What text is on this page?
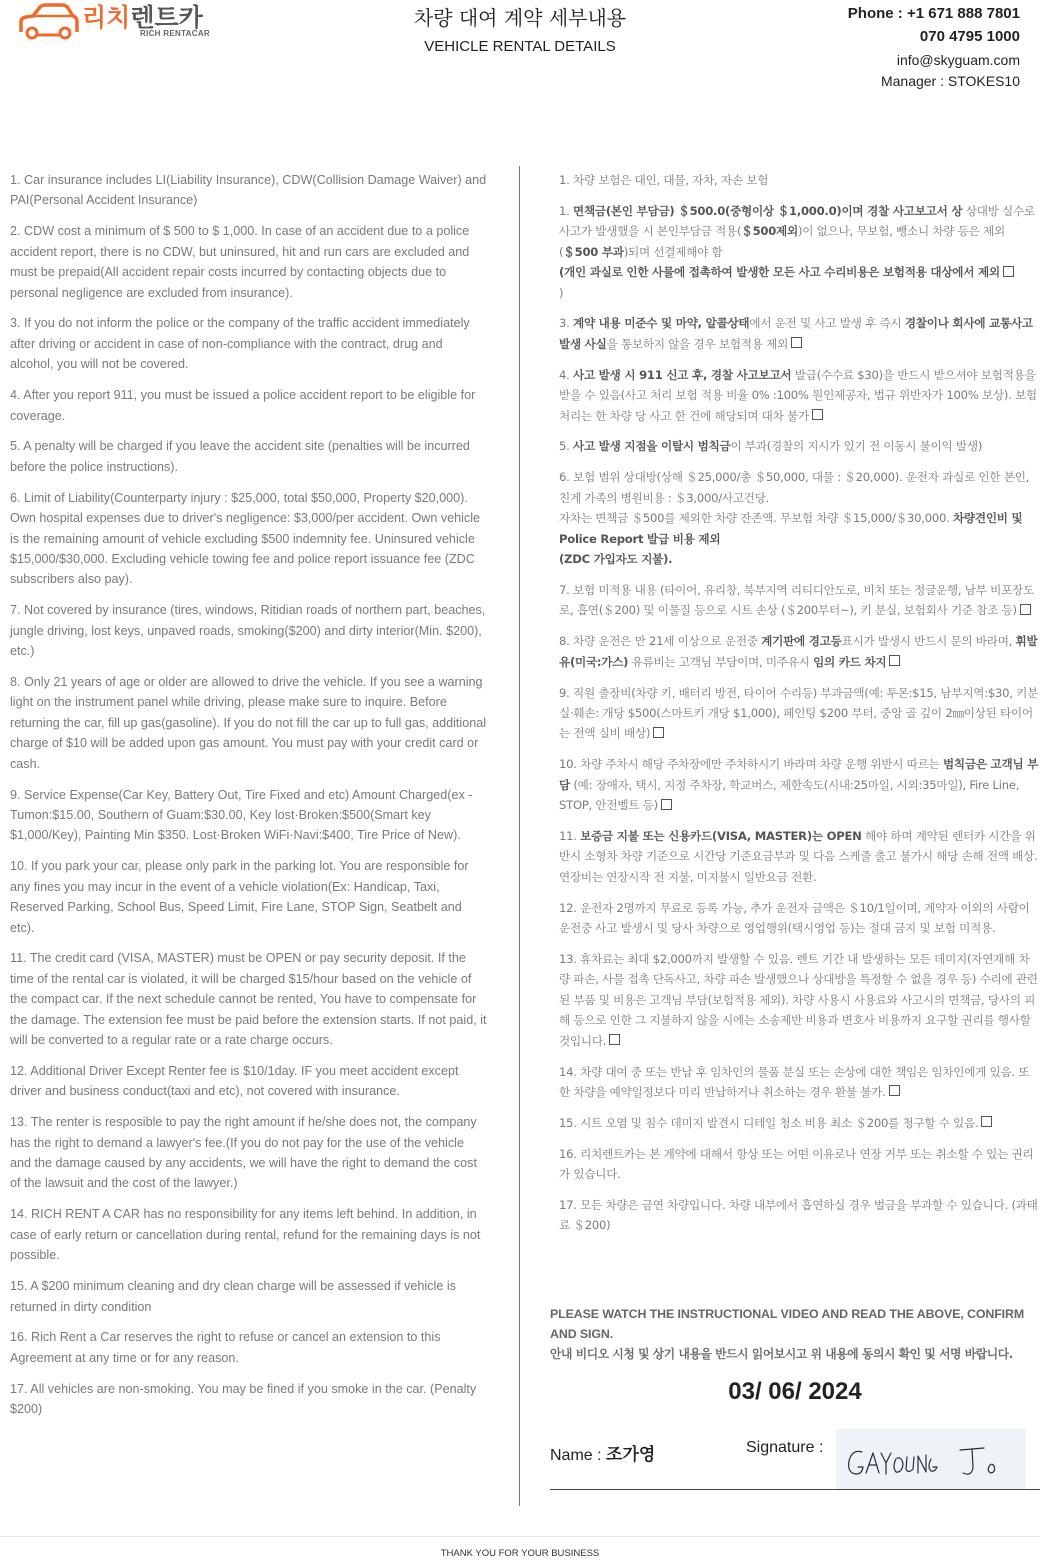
리치렌트카
RICH RENTACAR
차량 대여 계약 세부내용
VEHICLE RENTAL DETAILS
Phone : +1 671 888 7801
070 4795 1000
info@skyguam.com
Manager : STOKES10

1. Car insurance includes LI(Liability Insurance), CDW(Collision Damage Waiver) and PAI(Personal Accident Insurance)

2. CDW cost a minimum of $ 500 to $ 1,000. In case of an accident due to a police accident report, there is no CDW, but uninsured, hit and run cars are excluded and must be prepaid(All accident repair costs incurred by contacting objects due to personal negligence are excluded from insurance).

3. If you do not inform the police or the company of the traffic accident immediately after driving or accident in case of non-compliance with the contract, drug and alcohol, you will not be covered.

4. After you report 911, you must be issued a police accident report to be eligible for coverage.

5. A penalty will be charged if you leave the accident site (penalties will be incurred before the police instructions).

6. Limit of Liability(Counterparty injury : $25,000, total $50,000, Property $20,000). Own hospital expenses due to driver's negligence: $3,000/per accident. Own vehicle is the remaining amount of vehicle excluding $500 indemnity fee. Uninsured vehicle $15,000/$30,000. Excluding vehicle towing fee and police report issuance fee (ZDC subscribers also pay).

7. Not covered by insurance (tires, windows, Ritidian roads of northern part, beaches, jungle driving, lost keys, unpaved roads, smoking($200) and dirty interior(Min. $200), etc.)

8. Only 21 years of age or older are allowed to drive the vehicle. If you see a warning light on the instrument panel while driving, please make sure to inquire. Before returning the car, fill up gas(gasoline). If you do not fill the car up to full gas, additional charge of $10 will be added upon gas amount. You must pay with your credit card or cash.

9. Service Expense(Car Key, Battery Out, Tire Fixed and etc) Amount Charged(ex - Tumon:$15.00, Southern of Guam:$30.00, Key lost·Broken:$500(Smart key $1,000/Key), Painting Min $350. Lost·Broken WiFi·Navi:$400, Tire Price of New).

10. If you park your car, please only park in the parking lot. You are responsible for any fines you may incur in the event of a vehicle violation(Ex: Handicap, Taxi, Reserved Parking, School Bus, Speed Limit, Fire Lane, STOP Sign, Seatbelt and etc).

11. The credit card (VISA, MASTER) must be OPEN or pay security deposit. If the time of the rental car is violated, it will be charged $15/hour based on the vehicle of the compact car. If the next schedule cannot be rented, You have to compensate for the damage. The extension fee must be paid before the extension starts. If not paid, it will be converted to a regular rate or a rate charge occurs.

12. Additional Driver Except Renter fee is $10/1day. IF you meet accident except driver and business conduct(taxi and etc), not covered with insurance.

13. The renter is resposible to pay the right amount if he/she does not, the company has the right to demand a lawyer's fee.(If you do not pay for the use of the vehicle and the damage caused by any accidents, we will have the right to demand the cost of the lawsuit and the cost of the lawyer.)

14. RICH RENT A CAR has no responsibility for any items left behind. In addition, in case of early return or cancellation during rental, refund for the remaining days is not possible.

15. A $200 minimum cleaning and dry clean charge will be assessed if vehicle is returned in dirty condition

16. Rich Rent a Car reserves the right to refuse or cancel an extension to this Agreement at any time or for any reason.

17. All vehicles are non-smoking. You may be fined if you smoke in the car. (Penalty $200)

1. 차량 보험은 대인, 대물, 자차, 자손 보험

1. 면책금(본인 부담금) ＄500.0(중형이상 ＄1,000.0)이며 경찰 사고보고서 상 상대방 실수로 사고가 발생했을 시 본인부담금 적용(＄500제외)이 없으나, 무보험, 뺑소니 차량 등은 제외(＄500 부과)되며 선결제해야 함
(개인 과실로 인한 사물에 접촉하여 발생한 모든 사고 수리비용은 보험적용 대상에서 제외
)

3. 계약 내용 미준수 및 마약, 알콜상태에서 운전 및 사고 발생 후 즉시 경찰이나 회사에 교통사고 발생 사실을 통보하지 않을 경우 보험적용 제외

4. 사고 발생 시 911 신고 후, 경찰 사고보고서 발급(수수료 $30)을 반드시 받으셔야 보험적용을 받을 수 있음(사고 처리 보험 적용 비율 0% :100% 원인제공자, 법규 위반자가 100% 보상). 보험처리는 한 차량 당 사고 한 건에 해당되며 대차 불가

5. 사고 발생 지점을 이탈시 범칙금이 부과(경찰의 지시가 있기 전 이동시 불이익 발생)

6. 보험 범위 상대방(상해 ＄25,000/총 ＄50,000, 대물 : ＄20,000). 운전자 과실로 인한 본인, 친계 가족의 병원비용 : ＄3,000/사고건당.
자차는 면책금 ＄500를 제외한 차량 잔존액. 무보험 차량 ＄15,000/＄30,000. 차량견인비 및 Police Report 발급 비용 제외
(ZDC 가입자도 지불).

7. 보험 미적용 내용 (타이어, 유리창, 북부지역 리티디안도로, 비치 또는 정글운행, 남부 비포장도로, 흡연(＄200) 및 이물질 등으로 시트 손상 (＄200부터~), 키 분실, 보험회사 기준 참조 등)

8. 차량 운전은 만 21세 이상으로 운전중 계기판에 경고등표시가 발생시 반드시 문의 바라며, 휘발유(미국:가스) 유류비는 고객님 부담이며, 미주유시 임의 카드 차지

9. 직원 출장비(차량 키, 배터리 방전, 타이어 수리등) 부과금액(예: 투몬:$15, 남부지역:$30, 키분실·훼손: 개당 $500(스마트키 개당 $1,000), 페인팅 $200 부터, 중앙 골 깊이 2㎜이상된 타이어는 전액 실비 배상)

10. 차량 주차시 해당 주차장에만 주차하시기 바라며 차량 운행 위반시 따르는 범칙금은 고객님 부담 (예: 장애자, 택시, 지정 주차장, 학교버스, 제한속도(시내:25마일, 시외:35마일), Fire Line, STOP, 안전벨트 등)

11. 보증금 지불 또는 신용카드(VISA, MASTER)는 OPEN 해야 하며 계약된 렌터카 시간을 위반시 소형차 차량 기준으로 시간당 기준요금부과 및 다음 스케줄 출고 불가시 해당 손해 전액 배상. 연장비는 연장시작 전 지불, 미지불시 일반요금 전환.

12. 운전자 2명까지 무료로 등록 가능, 추가 운전자 금액은 ＄10/1일이며, 계약자 이외의 사람이 운전중 사고 발생시 및 당사 차량으로 영업행위(택시영업 등)는 절대 금지 및 보험 미적용.

13. 휴차료는 최대 $2,000까지 발생할 수 있음. 렌트 기간 내 발생하는 모든 데미지(자연재해 차량 파손, 사물 접촉 단독사고, 차량 파손 발생했으나 상대방을 특정할 수 없을 경우 등) 수리에 관련된 부품 및 비용은 고객님 부담(보험적용 제외). 차량 사용시 사용료와 사고시의 면책금, 당사의 피해 등으로 인한 그 지불하지 않을 시에는 소송제반 비용과 변호사 비용까지 요구할 권리를 행사할 것입니다.

14. 차량 대여 중 또는 반납 후 임차인의 물품 분실 또는 손상에 대한 책임은 임차인에게 있음. 또한 차량을 예약일정보다 미리 반납하거나 취소하는 경우 환불 불가.

15. 시트 오염 및 침수 데미지 발견시 디테일 청소 비용 최소 ＄200를 청구할 수 있음.

16. 리치렌트카는 본 계약에 대해서 항상 또는 어떤 이유로나 연장 거부 또는 취소할 수 있는 권리가 있습니다.

17. 모든 차량은 금연 차량입니다. 차량 내부에서 흡연하실 경우 벌금을 부과할 수 있습니다. (과태료 ＄200)

PLEASE WATCH THE INSTRUCTIONAL VIDEO AND READ THE ABOVE, CONFIRM AND SIGN.
안내 비디오 시청 및 상기 내용을 반드시 읽어보시고 위 내용에 동의시 확인 및 서명 바랍니다.
03/ 06/ 2024
Name : 조가영	Signature :
THANK YOU FOR YOUR BUSINESS
